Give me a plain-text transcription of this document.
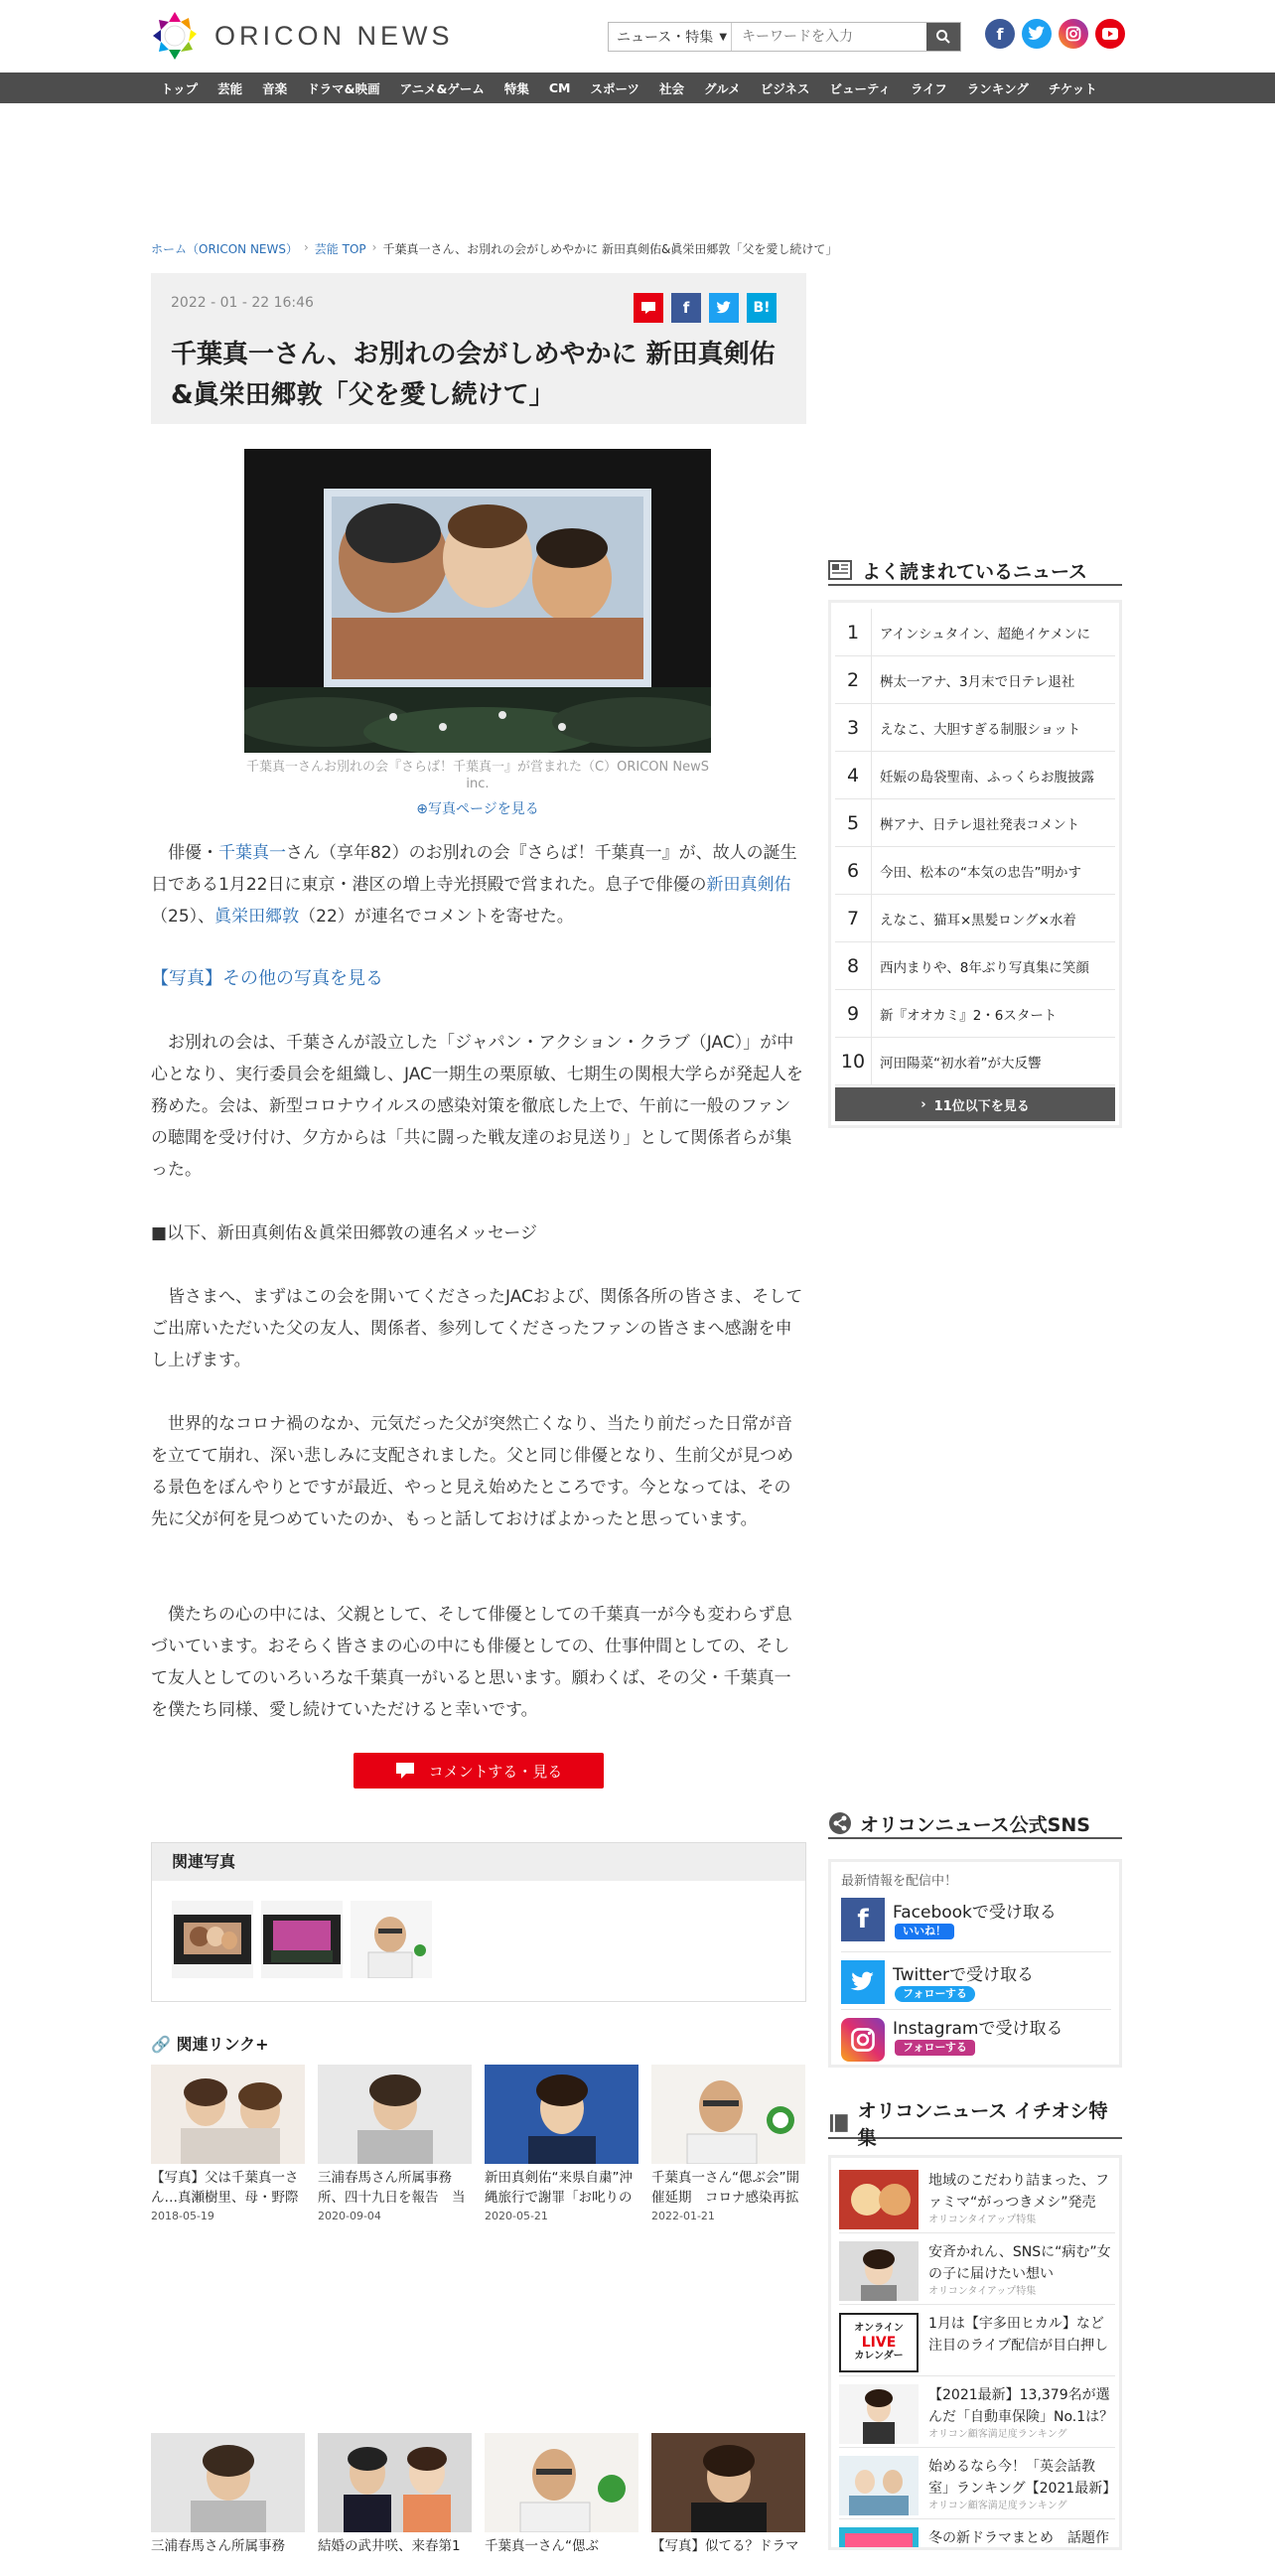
ORICON NEWS	ニュース・特集 ▼
キーワードを入力	f
トップ	芸能	音楽	ドラマ&映画	アニメ&ゲーム	特集	CM	スポーツ	社会	グルメ	ビジネス	ビューティ	ライフ	ランキング	チケット
ホーム（ORICON NEWS） › 芸能 TOP › 千葉真一さん、お別れの会がしめやかに 新田真剣佑&眞栄田郷敦「父を愛し続けて」
2022 - 01 - 22 16:46	f	B!
千葉真一さん、お別れの会がしめやかに 新田真剣佑&眞栄田郷敦「父を愛し続けて」
千葉真一さんお別れの会『さらば！千葉真一』が営まれた（C）ORICON NewS inc.
⊕写真ページを見る

俳優・千葉真一さん（享年82）のお別れの会『さらば！千葉真一』が、故人の誕生日である1月22日に東京・港区の増上寺光摂殿で営まれた。息子で俳優の新田真剣佑（25）、眞栄田郷敦（22）が連名でコメントを寄せた。

【写真】その他の写真を見る

お別れの会は、千葉さんが設立した「ジャパン・アクション・クラブ（JAC）」が中心となり、実行委員会を組織し、JAC一期生の栗原敏、七期生の関根大学らが発起人を務めた。会は、新型コロナウイルスの感染対策を徹底した上で、午前に一般のファンの聴聞を受け付け、夕方からは「共に闘った戦友達のお見送り」として関係者らが集った。

■以下、新田真剣佑＆眞栄田郷敦の連名メッセージ

皆さまへ、まずはこの会を開いてくださったJACおよび、関係各所の皆さま、そしてご出席いただいた父の友人、関係者、参列してくださったファンの皆さまへ感謝を申し上げます。

世界的なコロナ禍のなか、元気だった父が突然亡くなり、当たり前だった日常が音を立てて崩れ、深い悲しみに支配されました。父と同じ俳優となり、生前父が見つめる景色をぼんやりとですが最近、やっと見え始めたところです。今となっては、その先に父が何を見つめていたのか、もっと話しておけばよかったと思っています。

僕たちの心の中には、父親として、そして俳優としての千葉真一が今も変わらず息づいています。おそらく皆さまの心の中にも俳優としての、仕事仲間としての、そして友人としてのいろいろな千葉真一がいると思います。願わくば、その父・千葉真一を僕たち同様、愛し続けていただけると幸いです。

コメントする・見る
関連写真
🔗 関連リンク+
【写真】父は千葉真一さん…真瀬樹里、母・野際
2018-05-19
三浦春馬さん所属事務所、四十九日を報告　当
2020-09-04
新田真剣佑“来県自粛”沖縄旅行で謝罪「お叱りの
2020-05-21
千葉真一さん“偲ぶ会”開催延期　コロナ感染再拡
2022-01-21
三浦春馬さん所属事務	結婚の武井咲、来春第1	千葉真一さん“偲ぶ	【写真】似てる？ドラマ
よく読まれているニュース
1	アインシュタイン、超絶イケメンに
2	桝太一アナ、3月末で日テレ退社
3	えなこ、大胆すぎる制服ショット
4	妊娠の島袋聖南、ふっくらお腹披露
5	桝アナ、日テレ退社発表コメント
6	今田、松本の“本気の忠告”明かす
7	えなこ、猫耳×黒髪ロング×水着
8	西内まりや、8年ぶり写真集に笑顔
9	新『オオカミ』2・6スタート
10	河田陽菜“初水着”が大反響
› 11位以下を見る
オリコンニュース公式SNS
最新情報を配信中！
f	Facebookで受け取る
いいね！
Twitterで受け取る
フォローする
Instagramで受け取る
フォローする
オリコンニュース イチオシ特集
地域のこだわり詰まった、ファミマ“がっつきメシ”発売
オリコンタイアップ特集
安斉かれん、SNSに“病む”女の子に届けたい想い
オリコンタイアップ特集
オンライン
LIVE
カレンダー
1月は【宇多田ヒカル】など注目のライブ配信が目白押し
【2021最新】13,379名が選んだ「自動車保険」No.1は？
オリコン顧客満足度ランキング
始めるなら今！「英会話教室」ランキング【2021最新】
オリコン顧客満足度ランキング
冬の新ドラマまとめ　話題作
